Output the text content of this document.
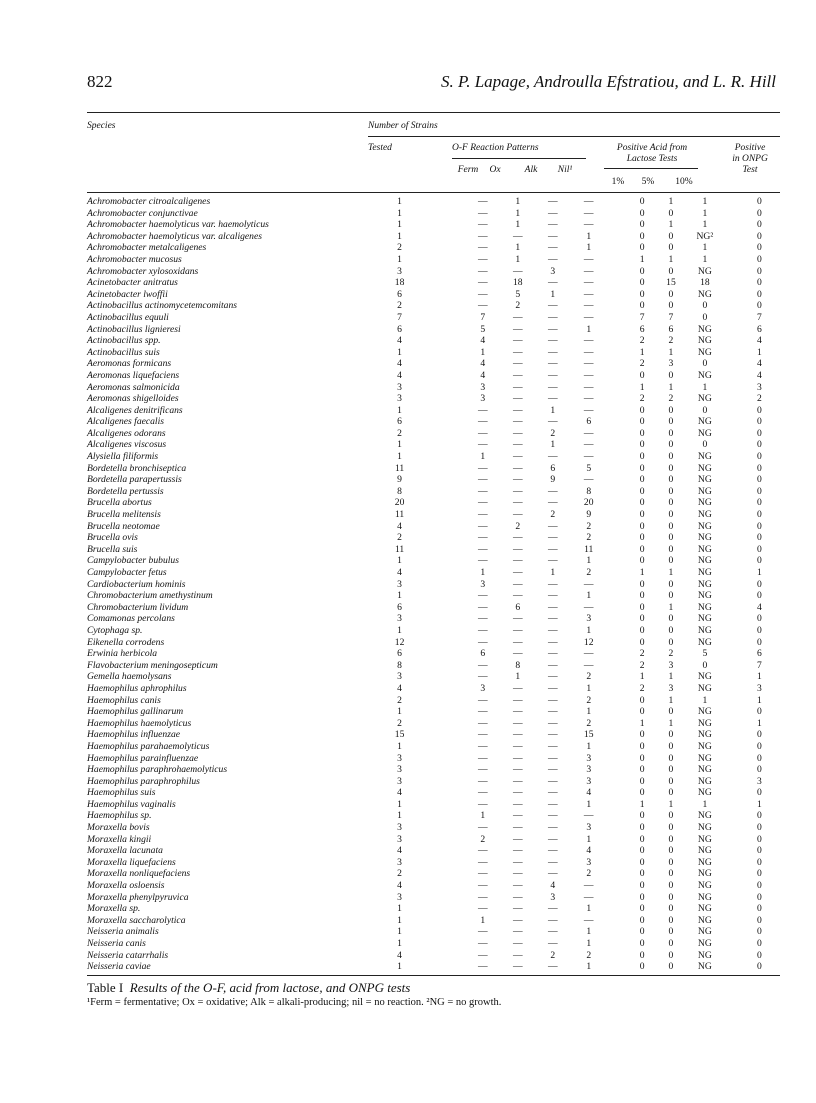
822	S. P. Lapage, Androulla Efstratiou, and L. R. Hill
Species	Number of Strains
Tested	O-F Reaction Patterns	Positive Acid from
Lactose Tests
Positive
in ONPG
Test
Ferm	Ox	Alk	Nil¹
1%	5%	10%
Achromobacter citroalcaligenes	1		—	1	—	—		0	1	1		0
Achromobacter conjunctivae	1		—	1	—	—		0	0	1		0
Achromobacter haemolyticus var. haemolyticus	1		—	1	—	—		0	1	1		0
Achromobacter haemolyticus var. alcaligenes	1		—	—	—	1		0	0	NG²		0
Achromobacter metalcaligenes	2		—	1	—	1		0	0	1		0
Achromobacter mucosus	1		—	1	—	—		1	1	1		0
Achromobacter xylosoxidans	3		—	—	3	—		0	0	NG		0
Acinetobacter anitratus	18		—	18	—	—		0	15	18		0
Acinetobacter lwoffii	6		—	5	1	—		0	0	NG		0
Actinobacillus actinomycetemcomitans	2		—	2	—	—		0	0	0		0
Actinobacillus equuli	7		7	—	—	—		7	7	0		7
Actinobacillus lignieresi	6		5	—	—	1		6	6	NG		6
Actinobacillus spp.	4		4	—	—	—		2	2	NG		4
Actinobacillus suis	1		1	—	—	—		1	1	NG		1
Aeromonas formicans	4		4	—	—	—		2	3	0		4
Aeromonas liquefaciens	4		4	—	—	—		0	0	NG		4
Aeromonas salmonicida	3		3	—	—	—		1	1	1		3
Aeromonas shigelloides	3		3	—	—	—		2	2	NG		2
Alcaligenes denitrificans	1		—	—	1	—		0	0	0		0
Alcaligenes faecalis	6		—	—	—	6		0	0	NG		0
Alcaligenes odorans	2		—	—	2	—		0	0	NG		0
Alcaligenes viscosus	1		—	—	1	—		0	0	0		0
Alysiella filiformis	1		1	—	—	—		0	0	NG		0
Bordetella bronchiseptica	11		—	—	6	5		0	0	NG		0
Bordetella parapertussis	9		—	—	9	—		0	0	NG		0
Bordetella pertussis	8		—	—	—	8		0	0	NG		0
Brucella abortus	20		—	—	—	20		0	0	NG		0
Brucella melitensis	11		—	—	2	9		0	0	NG		0
Brucella neotomae	4		—	2	—	2		0	0	NG		0
Brucella ovis	2		—	—	—	2		0	0	NG		0
Brucella suis	11		—	—	—	11		0	0	NG		0
Campylobacter bubulus	1		—	—	—	1		0	0	NG		0
Campylobacter fetus	4		1	—	1	2		1	1	NG		1
Cardiobacterium hominis	3		3	—	—	—		0	0	NG		0
Chromobacterium amethystinum	1		—	—	—	1		0	0	NG		0
Chromobacterium lividum	6		—	6	—	—		0	1	NG		4
Comamonas percolans	3		—	—	—	3		0	0	NG		0
Cytophaga sp.	1		—	—	—	1		0	0	NG		0
Eikenella corrodens	12		—	—	—	12		0	0	NG		0
Erwinia herbicola	6		6	—	—	—		2	2	5		6
Flavobacterium meningosepticum	8		—	8	—	—		2	3	0		7
Gemella haemolysans	3		—	1	—	2		1	1	NG		1
Haemophilus aphrophilus	4		3	—	—	1		2	3	NG		3
Haemophilus canis	2		—	—	—	2		0	1	1		1
Haemophilus gallinarum	1		—	—	—	1		0	0	NG		0
Haemophilus haemolyticus	2		—	—	—	2		1	1	NG		1
Haemophilus influenzae	15		—	—	—	15		0	0	NG		0
Haemophilus parahaemolyticus	1		—	—	—	1		0	0	NG		0
Haemophilus parainfluenzae	3		—	—	—	3		0	0	NG		0
Haemophilus paraphrohaemolyticus	3		—	—	—	3		0	0	NG		0
Haemophilus paraphrophilus	3		—	—	—	3		0	0	NG		3
Haemophilus suis	4		—	—	—	4		0	0	NG		0
Haemophilus vaginalis	1		—	—	—	1		1	1	1		1
Haemophilus sp.	1		1	—	—	—		0	0	NG		0
Moraxella bovis	3		—	—	—	3		0	0	NG		0
Moraxella kingii	3		2	—	—	1		0	0	NG		0
Moraxella lacunata	4		—	—	—	4		0	0	NG		0
Moraxella liquefaciens	3		—	—	—	3		0	0	NG		0
Moraxella nonliquefaciens	2		—	—	—	2		0	0	NG		0
Moraxella osloensis	4		—	—	4	—		0	0	NG		0
Moraxella phenylpyruvica	3		—	—	3	—		0	0	NG		0
Moraxella sp.	1		—	—	—	1		0	0	NG		0
Moraxella saccharolytica	1		1	—	—	—		0	0	NG		0
Neisseria animalis	1		—	—	—	1		0	0	NG		0
Neisseria canis	1		—	—	—	1		0	0	NG		0
Neisseria catarrhalis	4		—	—	2	2		0	0	NG		0
Neisseria caviae	1		—	—	—	1		0	0	NG		0
Table I Results of the O-F, acid from lactose, and ONPG tests
¹Ferm = fermentative; Ox = oxidative; Alk = alkali-producing; nil = no reaction. ²NG = no growth.
